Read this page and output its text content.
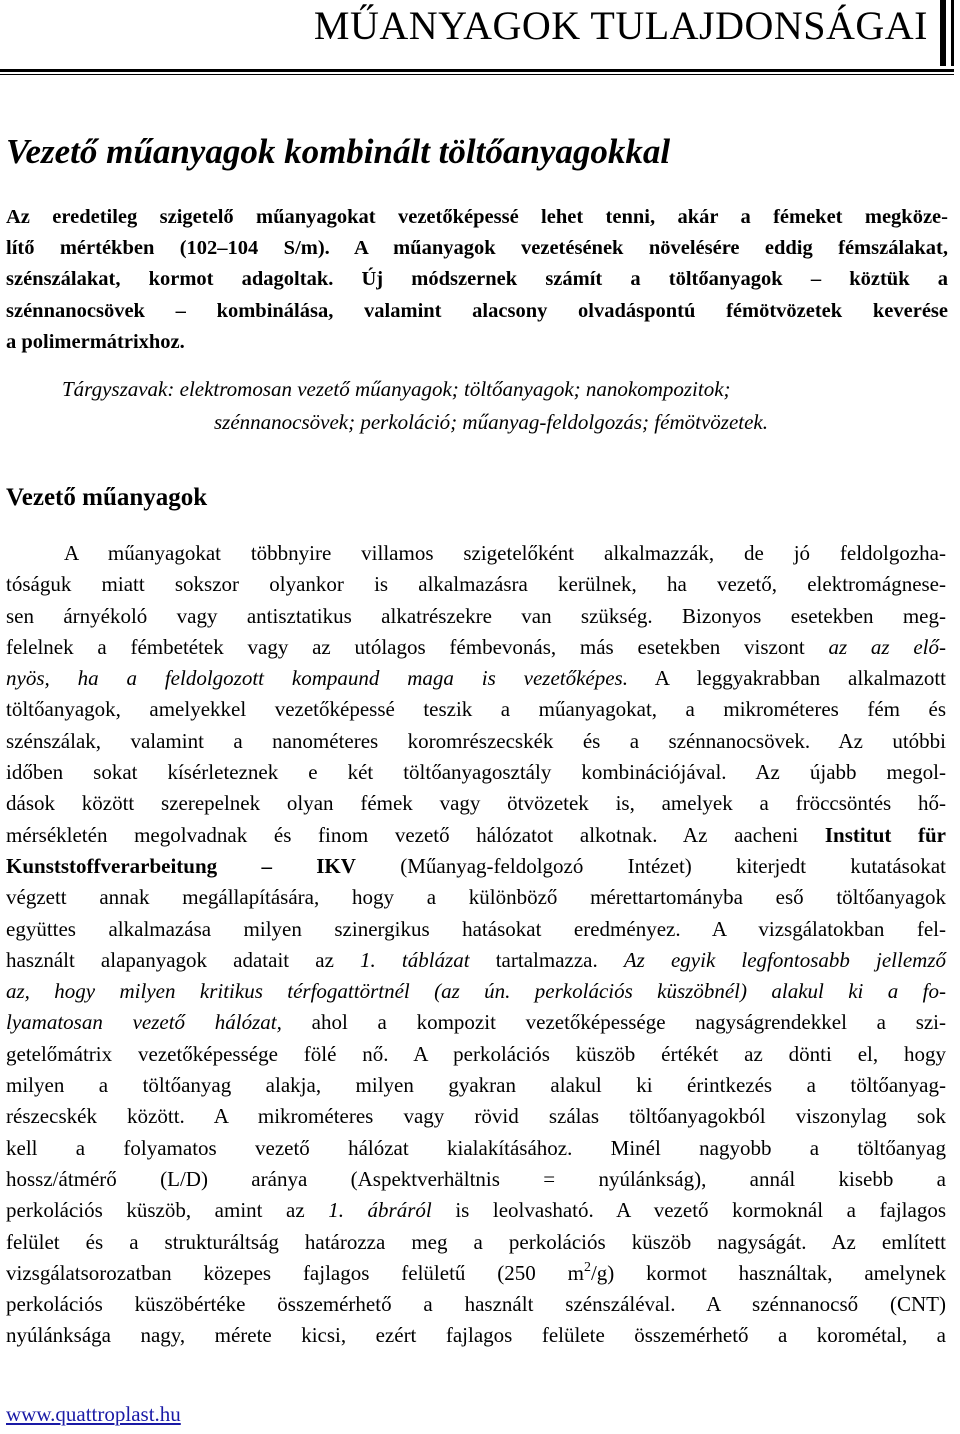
MŰANYAGOK TULAJDONSÁGAI
Vezető műanyagok kombinált töltőanyagokkal
Az eredetileg szigetelő műanyagokat vezetőképessé lehet tenni, akár a fémeket megköze-
lítő mértékben (102–104 S/m). A műanyagok vezetésének növelésére eddig fémszálakat,
szénszálakat, kormot adagoltak. Új módszernek számít a töltőanyagok – köztük a
szénnanocsövek – kombinálása, valamint alacsony olvadáspontú fémötvözetek keverése
a polimermátrixhoz.
Tárgyszavak: elektromosan vezető műanyagok; töltőanyagok; nanokompozitok;
szénnanocsövek; perkoláció; műanyag-feldolgozás; fémötvözetek.
Vezető műanyagok
A műanyagokat többnyire villamos szigetelőként alkalmazzák, de jó feldolgozha-
tóságuk miatt sokszor olyankor is alkalmazásra kerülnek, ha vezető, elektromágnese-
sen árnyékoló vagy antisztatikus alkatrészekre van szükség. Bizonyos esetekben meg-
felelnek a fémbetétek vagy az utólagos fémbevonás, más esetekben viszont az az elő-
nyös, ha a feldolgozott kompaund maga is vezetőképes. A leggyakrabban alkalmazott
töltőanyagok, amelyekkel vezetőképessé teszik a műanyagokat, a mikrométeres fém és
szénszálak, valamint a nanométeres koromrészecskék és a szénnanocsövek. Az utóbbi
időben sokat kísérleteznek e két töltőanyagosztály kombinációjával. Az újabb megol-
dások között szerepelnek olyan fémek vagy ötvözetek is, amelyek a fröccsöntés hő-
mérsékletén megolvadnak és finom vezető hálózatot alkotnak. Az aacheni Institut für
Kunststoffverarbeitung – IKV (Műanyag-feldolgozó Intézet) kiterjedt kutatásokat
végzett annak megállapítására, hogy a különböző mérettartományba eső töltőanyagok
együttes alkalmazása milyen szinergikus hatásokat eredményez. A vizsgálatokban fel-
használt alapanyagok adatait az 1. táblázat tartalmazza. Az egyik legfontosabb jellemző
az, hogy milyen kritikus térfogattörtnél (az ún. perkolációs küszöbnél) alakul ki a fo-
lyamatosan vezető hálózat, ahol a kompozit vezetőképessége nagyságrendekkel a szi-
getelőmátrix vezetőképessége fölé nő. A perkolációs küszöb értékét az dönti el, hogy
milyen a töltőanyag alakja, milyen gyakran alakul ki érintkezés a töltőanyag-
részecskék között. A mikrométeres vagy rövid szálas töltőanyagokból viszonylag sok
kell a folyamatos vezető hálózat kialakításához. Minél nagyobb a töltőanyag
hossz/átmérő (L/D) aránya (Aspektverhältnis = nyúlánkság), annál kisebb a
perkolációs küszöb, amint az 1. ábráról is leolvasható. A vezető kormoknál a fajlagos
felület és a strukturáltság határozza meg a perkolációs küszöb nagyságát. Az említett
vizsgálatsorozatban közepes fajlagos felületű (250 $m^2/g$) kormot használtak, amelynek
perkolációs küszöbértéke összemérhető a használt szénszáléval. A szénnanocső (CNT)
nyúlánksága nagy, mérete kicsi, ezért fajlagos felülete összemérhető a korométal, a
www.quattroplast.hu
